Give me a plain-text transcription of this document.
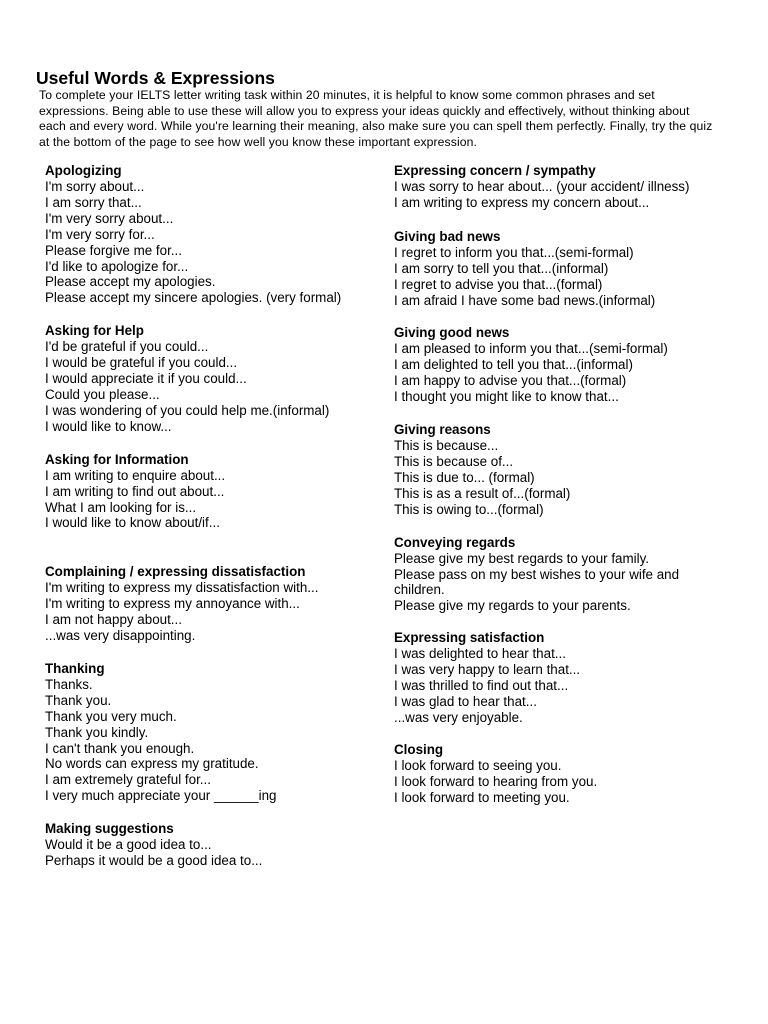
Useful Words & Expressions

To complete your IELTS letter writing task within 20 minutes, it is helpful to know some common phrases and set expressions. Being able to use these will allow you to express your ideas quickly and effectively, without thinking about each and every word. While you're learning their meaning, also make sure you can spell them perfectly. Finally, try the quiz at the bottom of the page to see how well you know these important expression.

Apologizing
I'm sorry about...
I am sorry that...
I'm very sorry about...
I'm very sorry for...
Please forgive me for...
I'd like to apologize for...
Please accept my apologies.
Please accept my sincere apologies. (very formal)
Asking for Help
I'd be grateful if you could...
I would be grateful if you could...
I would appreciate it if you could...
Could you please...
I was wondering of you could help me.(informal)
I would like to know...
Asking for Information
I am writing to enquire about...
I am writing to find out about...
What I am looking for is...
I would like to know about/if...
Complaining / expressing dissatisfaction
I'm writing to express my dissatisfaction with...
I'm writing to express my annoyance with...
I am not happy about...
...was very disappointing.
Thanking
Thanks.
Thank you.
Thank you very much.
Thank you kindly.
I can't thank you enough.
No words can express my gratitude.
I am extremely grateful for...
I very much appreciate your ______ing
Making suggestions
Would it be a good idea to...
Perhaps it would be a good idea to...
Expressing concern / sympathy
I was sorry to hear about... (your accident/ illness)
I am writing to express my concern about...
Giving bad news
I regret to inform you that...(semi-formal)
I am sorry to tell you that...(informal)
I regret to advise you that...(formal)
I am afraid I have some bad news.(informal)
Giving good news
I am pleased to inform you that...(semi-formal)
I am delighted to tell you that...(informal)
I am happy to advise you that...(formal)
I thought you might like to know that...
Giving reasons
This is because...
This is because of...
This is due to... (formal)
This is as a result of...(formal)
This is owing to...(formal)
Conveying regards
Please give my best regards to your family.
Please pass on my best wishes to your wife and
children.
Please give my regards to your parents.
Expressing satisfaction
I was delighted to hear that...
I was very happy to learn that...
I was thrilled to find out that...
I was glad to hear that...
...was very enjoyable.
Closing
I look forward to seeing you.
I look forward to hearing from you.
I look forward to meeting you.
